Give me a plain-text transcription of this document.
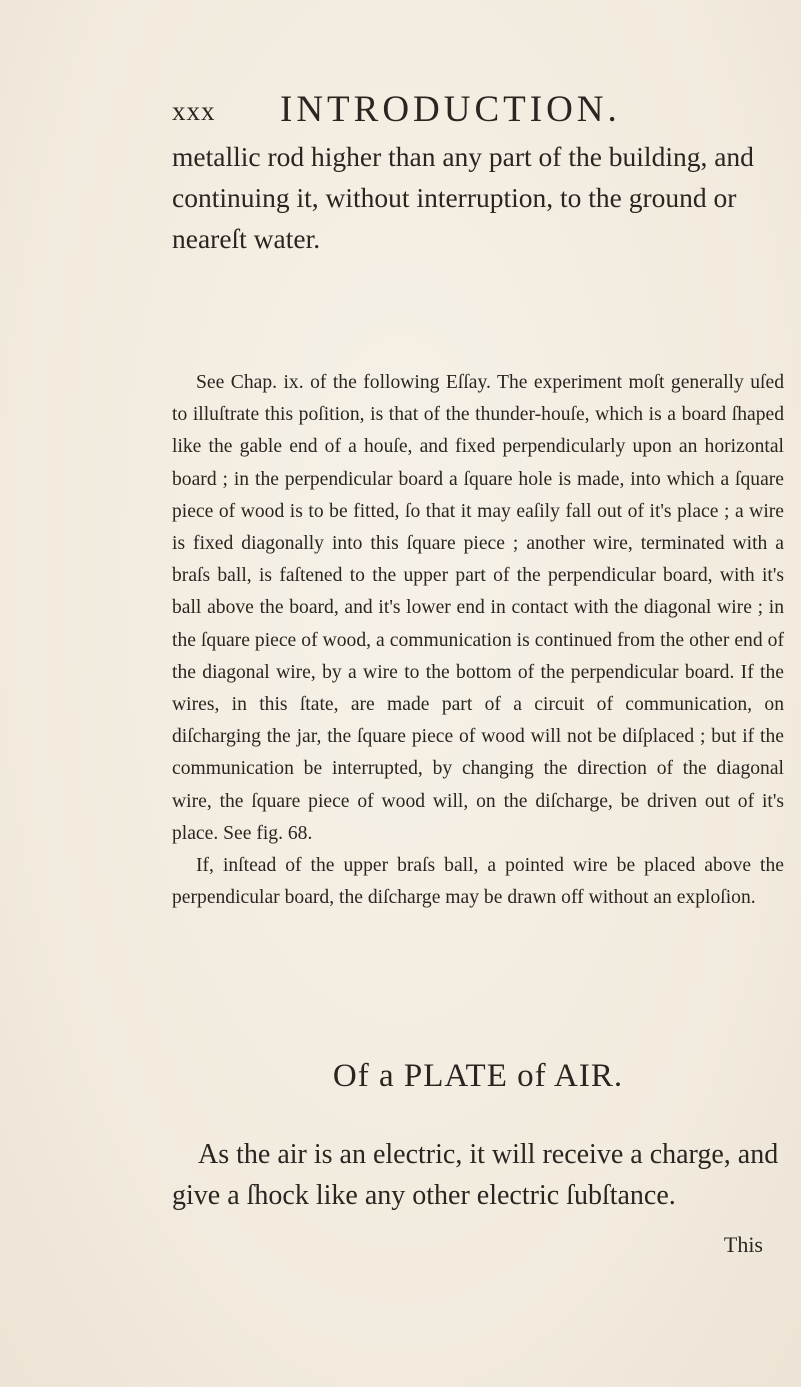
xxx INTRODUCTION.

metallic rod higher than any part of the building, and continuing it, without interruption, to the ground or neareſt water.

See Chap. ix. of the following Eſſay. The experiment moſt generally uſed to illuſtrate this poſition, is that of the thunder-houſe, which is a board ſhaped like the gable end of a houſe, and fixed perpendicularly upon an horizontal board ; in the perpendicular board a ſquare hole is made, into which a ſquare piece of wood is to be fitted, ſo that it may eaſily fall out of it's place ; a wire is fixed diagonally into this ſquare piece ; another wire, terminated with a braſs ball, is faſtened to the upper part of the perpendicular board, with it's ball above the board, and it's lower end in contact with the diagonal wire ; in the ſquare piece of wood, a communication is continued from the other end of the diagonal wire, by a wire to the bottom of the perpendicular board. If the wires, in this ſtate, are made part of a circuit of communication, on diſcharging the jar, the ſquare piece of wood will not be diſplaced ; but if the communication be interrupted, by changing the direction of the diagonal wire, the ſquare piece of wood will, on the diſcharge, be driven out of it's place. See fig. 68.

If, inſtead of the upper braſs ball, a pointed wire be placed above the perpendicular board, the diſcharge may be drawn off without an exploſion.

Of a PLATE of AIR.

As the air is an electric, it will receive a charge, and give a ſhock like any other electric ſubſtance.

This
